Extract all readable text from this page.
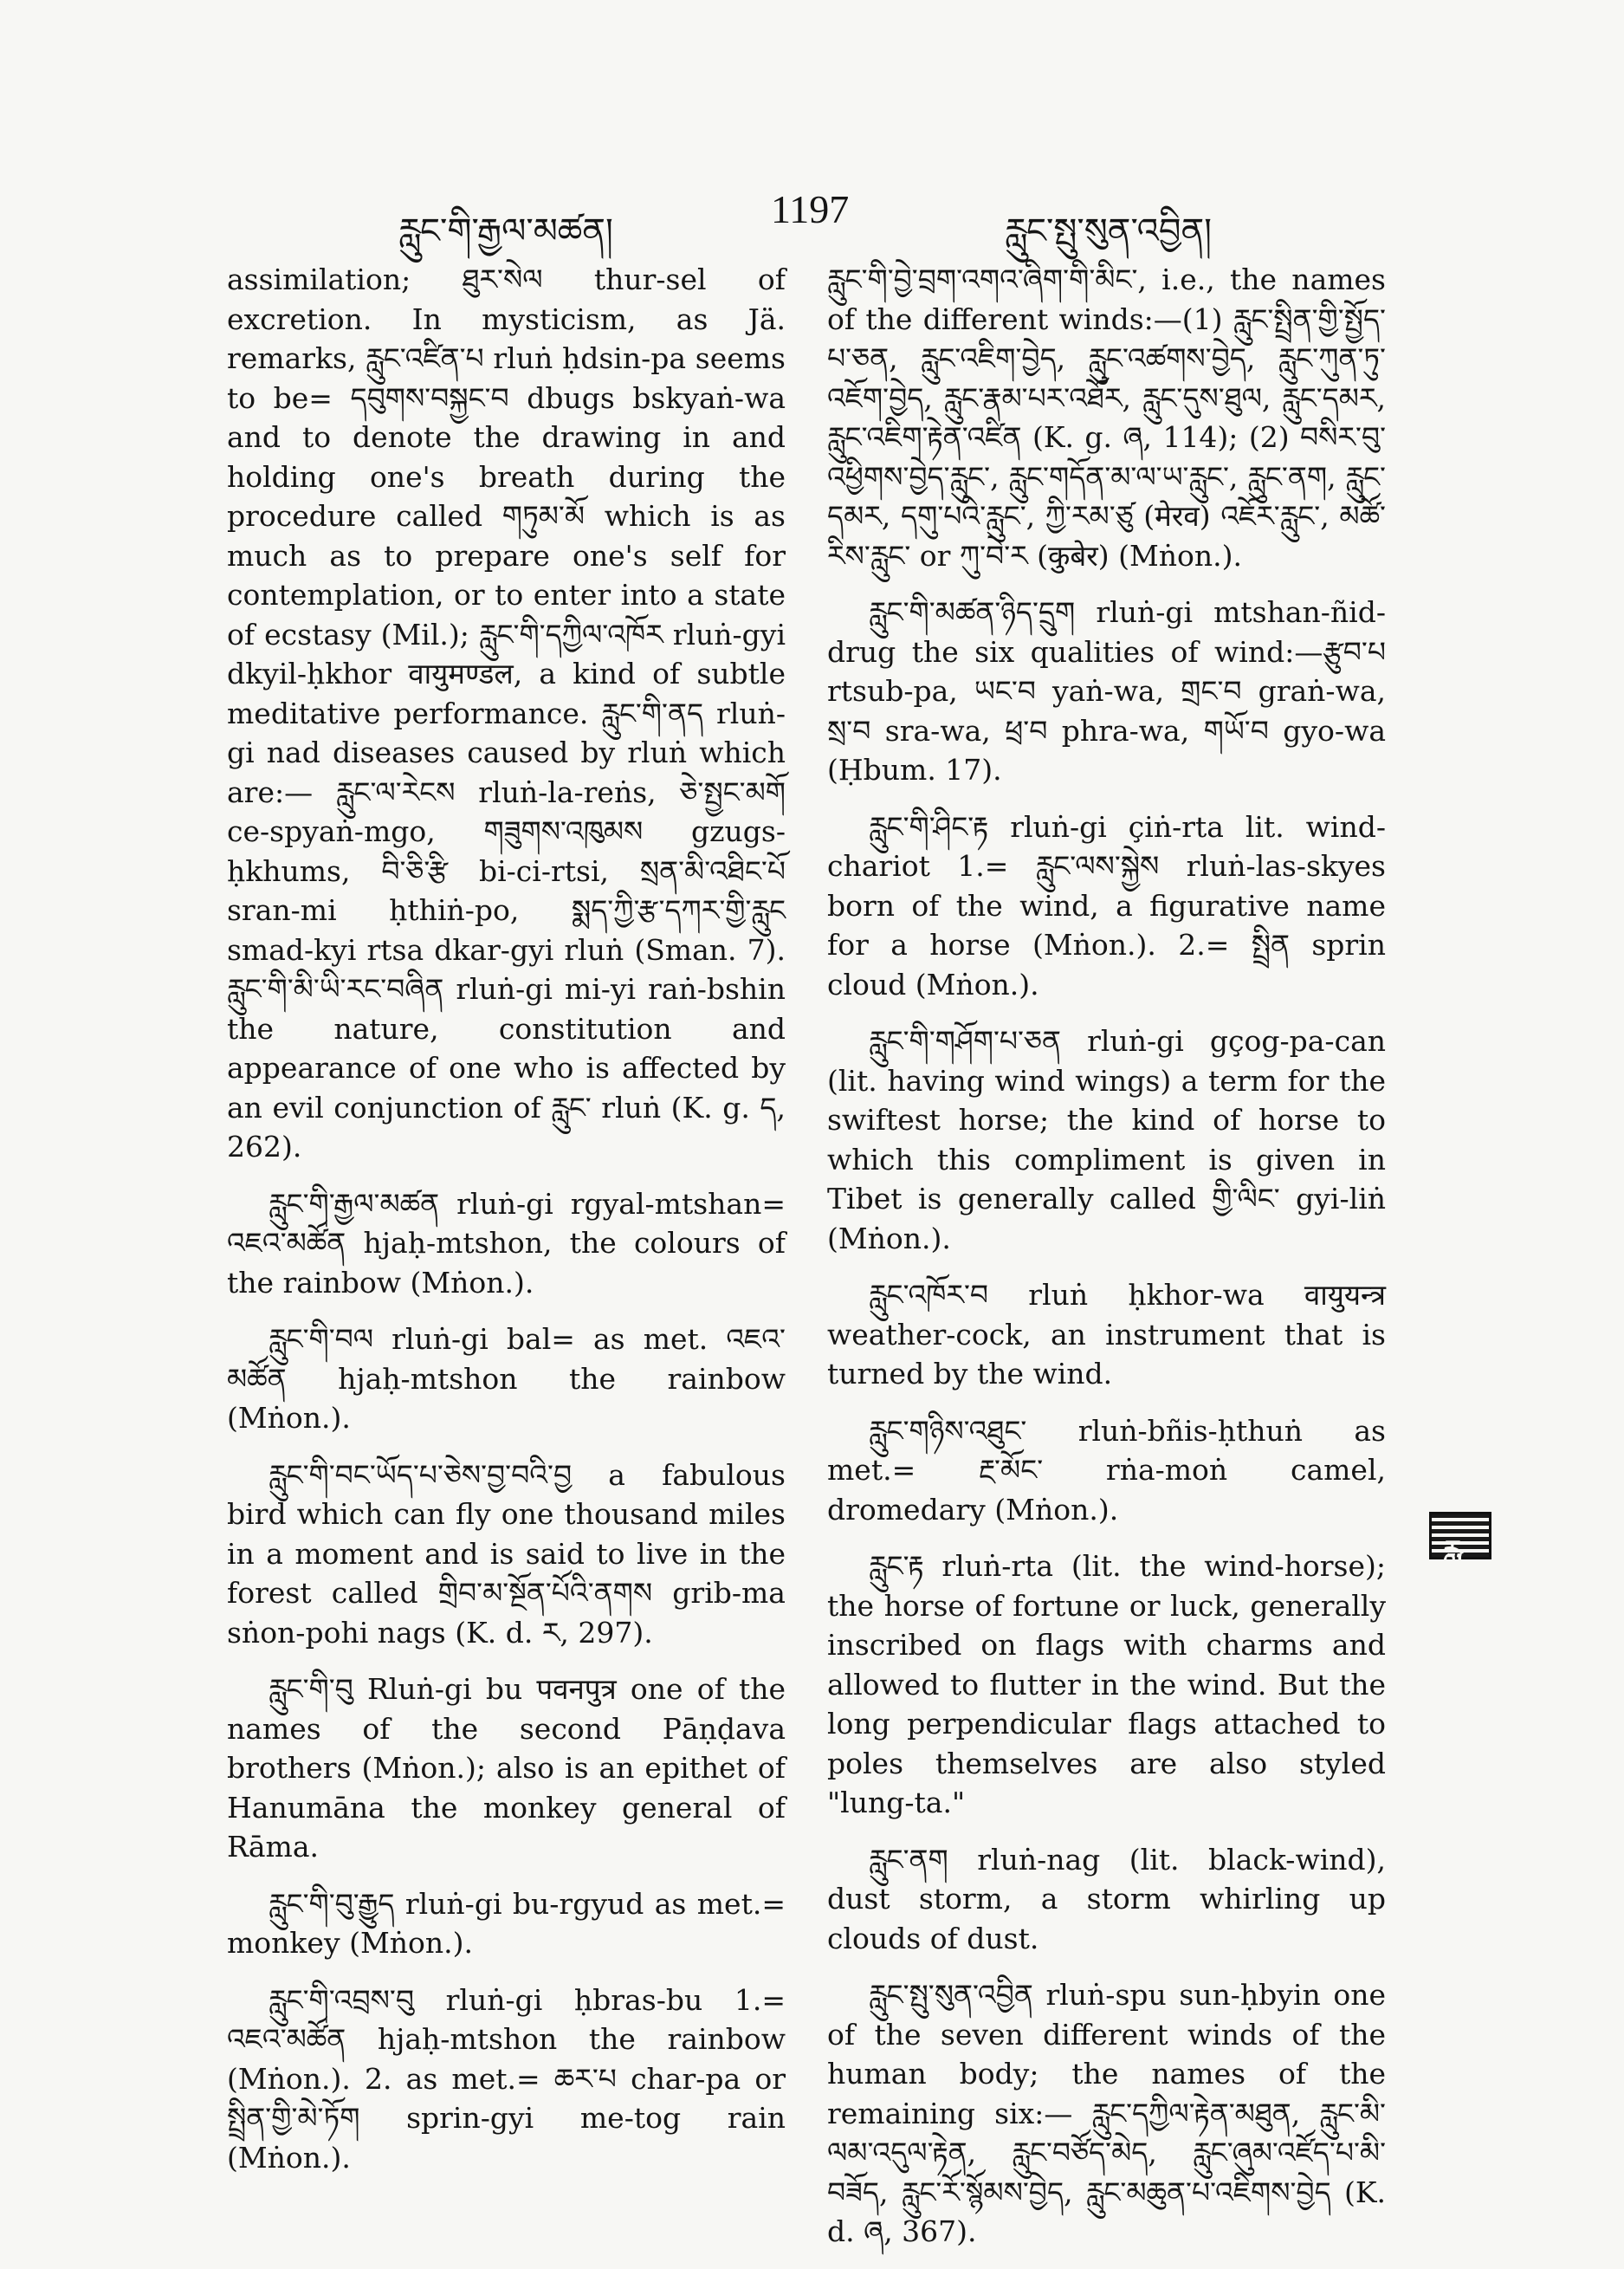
རླུང་གི་རྒྱལ་མཚན།	1197	རླུང་སྤུ་སུན་འབྱིན།

assimilation; ཐུར་སེལ thur-sel of excretion. In mysticism, as Jä. remarks, རླུང་འཛིན་པ rluṅ ḥdsin-pa seems to be= དབུགས་བསྐྱང་བ dbugs bskyaṅ-wa and to denote the drawing in and holding one's breath during the procedure called གཏུམ་མོ which is as much as to prepare one's self for contemplation, or to enter into a state of ecstasy (Mil.); རླུང་གི་དཀྱིལ་འཁོར rluṅ-gyi dkyil-ḥkhor वायुमण्डल, a kind of subtle meditative performance. རླུང་གི་ནད rluṅ-gi nad diseases caused by rluṅ which are:— རླུང་ལ་རེངས rluṅ-la-reṅs, ཅེ་སྤྱང་མགོ ce-spyaṅ-mgo, གཟུགས་འཁུམས gzugs-ḥkhums, བི་ཅི་རྩི bi-ci-rtsi, སྲན་མི་འཐིང་པོ sran-mi ḥthiṅ-po, སྨད་ཀྱི་རྩ་དཀར་གྱི་རླུང smad-kyi rtsa dkar-gyi rluṅ (Sman. 7). རླུང་གི་མི་ཡི་རང་བཞིན rluṅ-gi mi-yi raṅ-bshin the nature, constitution and appearance of one who is affected by an evil conjunction of རླུང་ rluṅ (K. g. ད, 262).

རླུང་གི་རྒྱལ་མཚན rluṅ-gi rgyal-mtshan= འཇའ་མཚོན hjaḥ-mtshon, the colours of the rainbow (Mṅon.).

རླུང་གི་བལ rluṅ-gi bal= as met. འཇའ་མཚོན hjaḥ-mtshon the rainbow (Mṅon.).

རླུང་གི་བང་ཡོད་པ་ཅེས་བྱ་བའི་བྱ a fabulous bird which can fly one thousand miles in a moment and is said to live in the forest called གྲིབ་མ་སྔོན་པོའི་ནགས grib-ma sṅon-pohi nags (K. d. ར, 297).

རླུང་གི་བུ Rluṅ-gi bu पवनपुत्र one of the names of the second Pāṇḍava brothers (Mṅon.); also is an epithet of Hanumāna the monkey general of Rāma.

རླུང་གི་བུ་རྒྱུད rluṅ-gi bu-rgyud as met.= monkey (Mṅon.).

རླུང་གི་འབྲས་བུ rluṅ-gi ḥbras-bu 1.= འཇའ་མཚོན hjaḥ-mtshon the rainbow (Mṅon.). 2. as met.= ཆར་པ char-pa or སྤྲིན་གྱི་མེ་ཏོག sprin-gyi me-tog rain (Mṅon.).

རླུང་གི་བྱེ་བྲག་འགའ་ཞིག་གི་མིང་, i.e., the names of the different winds:—(1) རླུང་སྤྲིན་གྱི་སྤྱོད་པ་ཅན, རླུང་འཇིག་བྱེད, རླུང་འཚགས་བྱེད, རླུང་ཀུན་ཏུ་འཇོག་བྱེད, རླུང་རྣམ་པར་འཐོར, རླུང་དུས་ཐུལ, རླུང་དམར, རླུང་འཇིག་རྟེན་འཛིན (K. g. ཞ, 114); (2) བསིར་བུ་འཕྱིགས་བྱེད་རླུང་, རླུང་གདོན་མ་ལ་ཡ་རླུང་, རླུང་ནག, རླུང་དམར, དགུ་པའི་རླུང་, ཀྱི་རམ་ཙུ (मेरव) འཇོར་རླུང་, མཚོ་རིས་རླུང་ or ཀུ་བེ་ར (कुबेर) (Mṅon.).

རླུང་གི་མཚན་ཉིད་དྲུག rluṅ-gi mtshan-ñid-drug the six qualities of wind:—རྩུབ་པ rtsub-pa, ཡང་བ yaṅ-wa, གྲང་བ graṅ-wa, སྲ་བ sra-wa, ཕྲ་བ phra-wa, གཡོ་བ gyo-wa (Ḥbum. 17).

རླུང་གི་ཤིང་རྟ rluṅ-gi çiṅ-rta lit. wind-chariot 1.= རླུང་ལས་སྐྱེས rluṅ-las-skyes born of the wind, a figurative name for a horse (Mṅon.). 2.= སྤྲིན sprin cloud (Mṅon.).

རླུང་གི་གཤོག་པ་ཅན rluṅ-gi gçog-pa-can (lit. having wind wings) a term for the swiftest horse; the kind of horse to which this compliment is given in Tibet is generally called གྱི་ལིང་ gyi-liṅ (Mṅon.).

རླུང་འཁོར་བ rluṅ ḥkhor-wa वायुयन्त्र weather-cock, an instrument that is turned by the wind.

རླུང་གཉིས་འཐུང་ rluṅ-bñis-ḥthuṅ as met.= རྔ་མོང་ rṅa-moṅ camel, dromedary (Mṅon.).

རླུང་རྟ rluṅ-rta (lit. the wind-horse); the horse of fortune or luck, generally inscribed on flags with charms and allowed to flutter in the wind. But the long perpendicular flags attached to poles themselves are also styled "lung-ta."

རླུང་ནག rluṅ-nag (lit. black-wind), dust storm, a storm whirling up clouds of dust.

རླུང་སྤུ་སུན་འབྱིན rluṅ-spu sun-ḥbyin one of the seven different winds of the human body; the names of the remaining six:— རླུང་དཀྱིལ་རྟེན་མཐུན, རླུང་མི་ལམ་འདུལ་རྟེན, རླུང་བཙོད་མེད, རླུང་ཞུམ་འཛོད་པ་མི་བཟོད, རླུང་རོ་སྙོམས་བྱེད, རླུང་མཆུན་པ་འཇིགས་བྱེད (K. d. ཞ, 367).

རླ
